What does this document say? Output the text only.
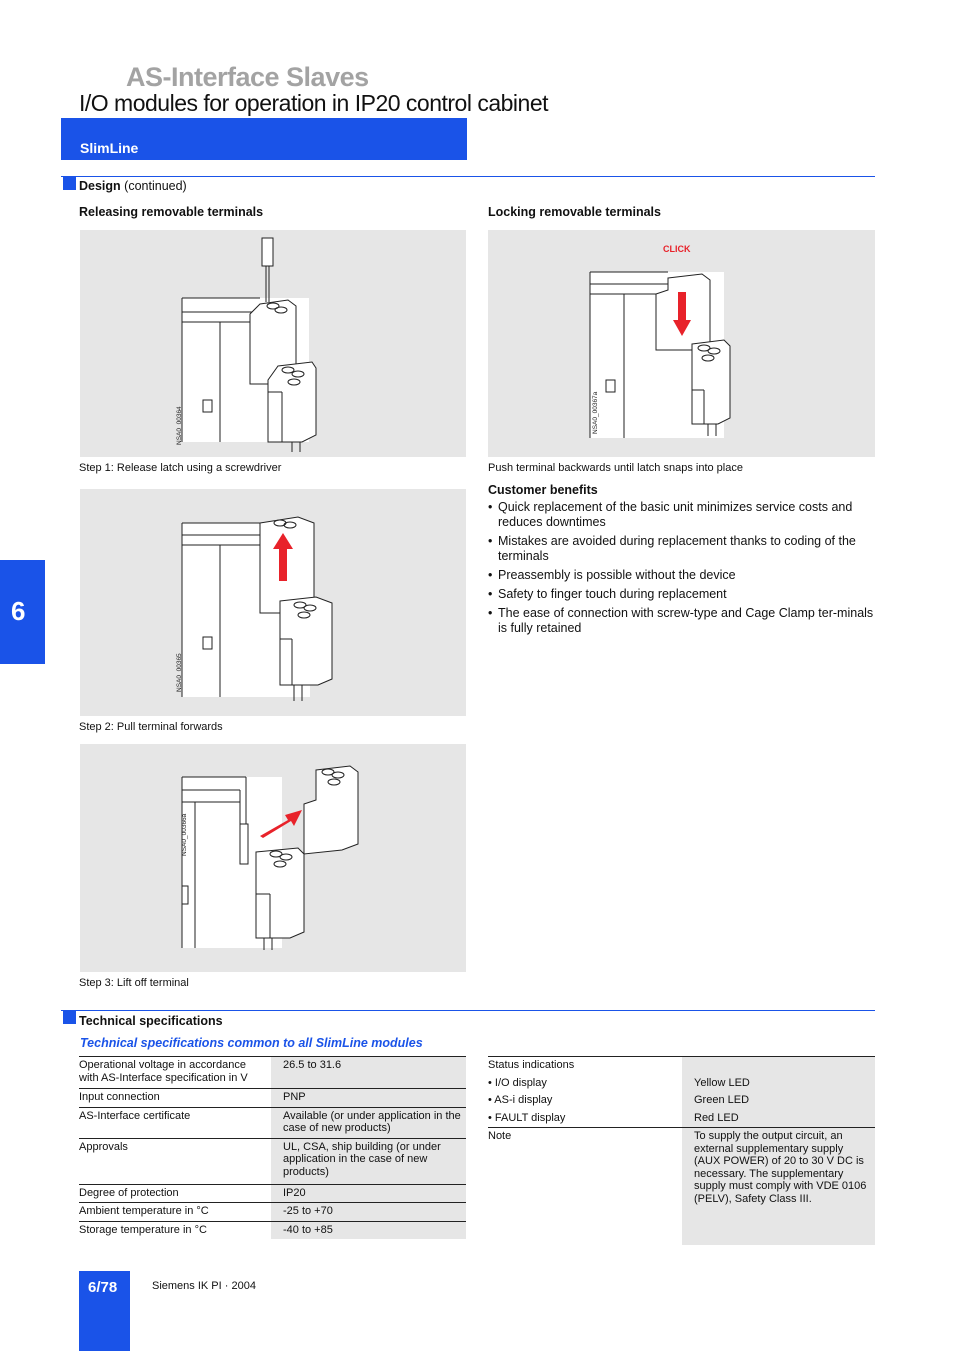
AS-Interface Slaves
I/O modules for operation in IP20 control cabinet
SlimLine
Design (continued)
Releasing removable terminals	Locking removable terminals
NSA0_00364
Step 1: Release latch using a screwdriver
NSA0_00365
Step 2: Pull terminal forwards
NSA0_00366a
Step 3: Lift off terminal
CLICK
NSA0_00367a
Push terminal backwards until latch snaps into place
Customer benefits
• Quick replacement of the basic unit minimizes service costs and reduces downtimes
• Mistakes are avoided during replacement thanks to coding of the terminals
• Preassembly is possible without the device
• Safety to finger touch during replacement
• The ease of connection with screw-type and Cage Clamp ter-minals is fully retained
Technical specifications
Technical specifications common to all SlimLine modules
Operational voltage in accordance with AS-Interface specification in V	26.5 to 31.6
Input connection	PNP
AS-Interface certificate	Available (or under application in the case of new products)
Approvals	UL, CSA, ship building (or under application in the case of new products)
Degree of protection	IP20
Ambient temperature in °C	-25 to +70
Storage temperature in °C	-40 to +85
Status indications	
• I/O display	Yellow LED
• AS-i display	Green LED
• FAULT display	Red LED
Note	To supply the output circuit, an external supplementary supply (AUX POWER) of 20 to 30 V DC is necessary. The supplementary supply must comply with VDE 0106 (PELV), Safety Class III.
6
6/78	Siemens IK PI · 2004
